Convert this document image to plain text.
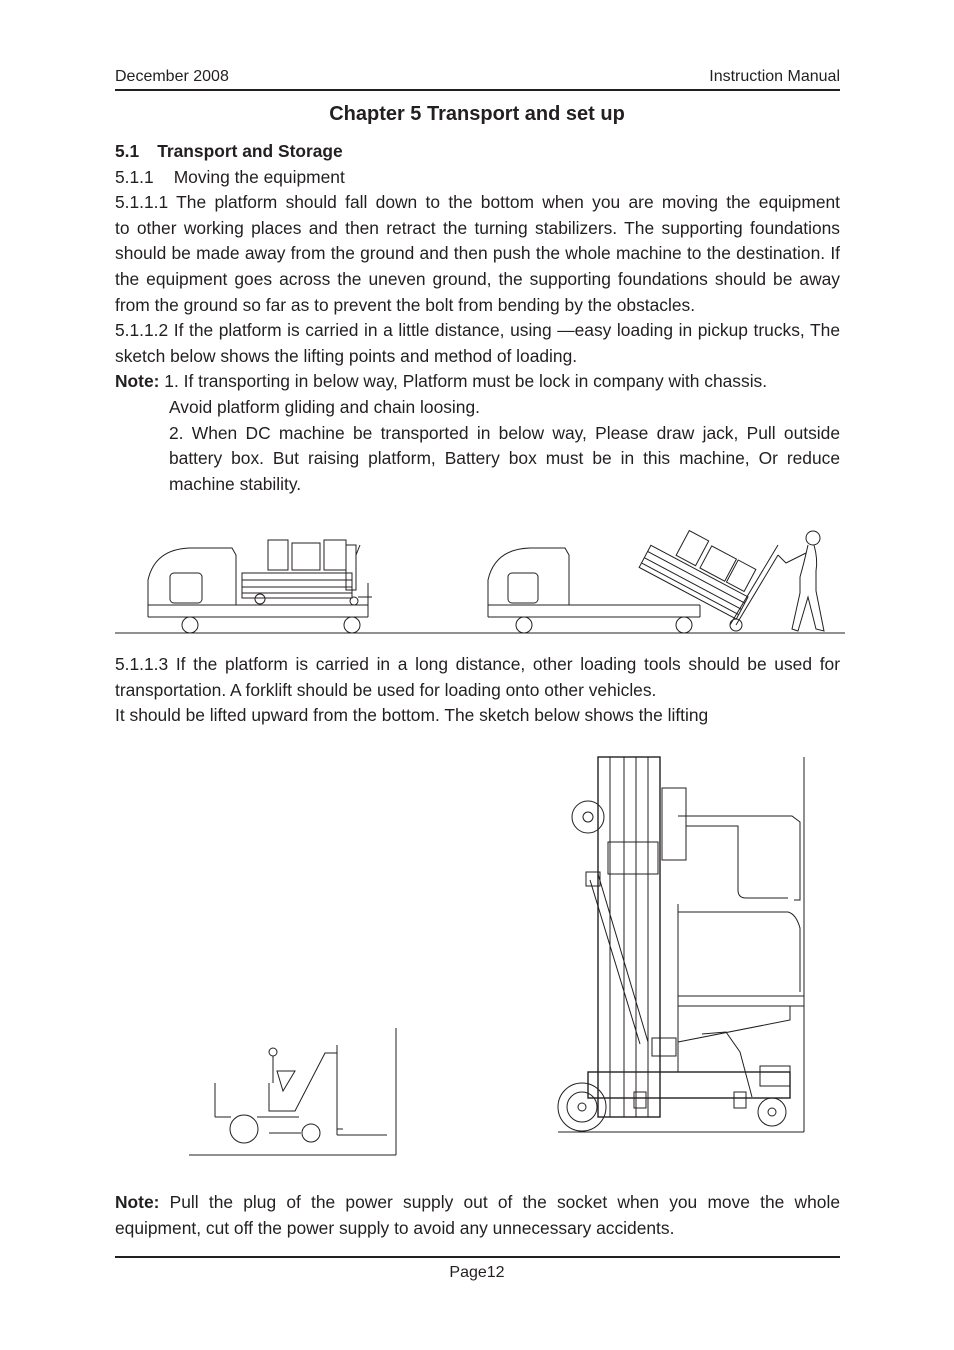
December 2008	Instruction Manual
Chapter 5 Transport and set up

5.1 Transport and Storage

5.1.1 Moving the equipment

5.1.1.1 The platform should fall down to the bottom when you are moving the equipment

to other working places and then retract the turning stabilizers. The supporting foundations should be made away from the ground and then push the whole machine to the destination. If the equipment goes across the uneven ground, the supporting foundations should be away from the ground so far as to prevent the bolt from bending by the obstacles.

5.1.1.2 If the platform is carried in a little distance, using —easy loading in pickup trucks, The sketch below shows the lifting points and method of loading.

Note: 1. If transporting in below way, Platform must be lock in company with chassis.

Avoid platform gliding and chain loosing.

2. When DC machine be transported in below way, Please draw jack, Pull outside battery box. But raising platform, Battery box must be in this machine, Or reduce machine stability.

5.1.1.3 If the platform is carried in a long distance, other loading tools should be used for transportation. A forklift should be used for loading onto other vehicles.

It should be lifted upward from the bottom. The sketch below shows the lifting

Note: Pull the plug of the power supply out of the socket when you move the whole equipment, cut off the power supply to avoid any unnecessary accidents.

Page12
